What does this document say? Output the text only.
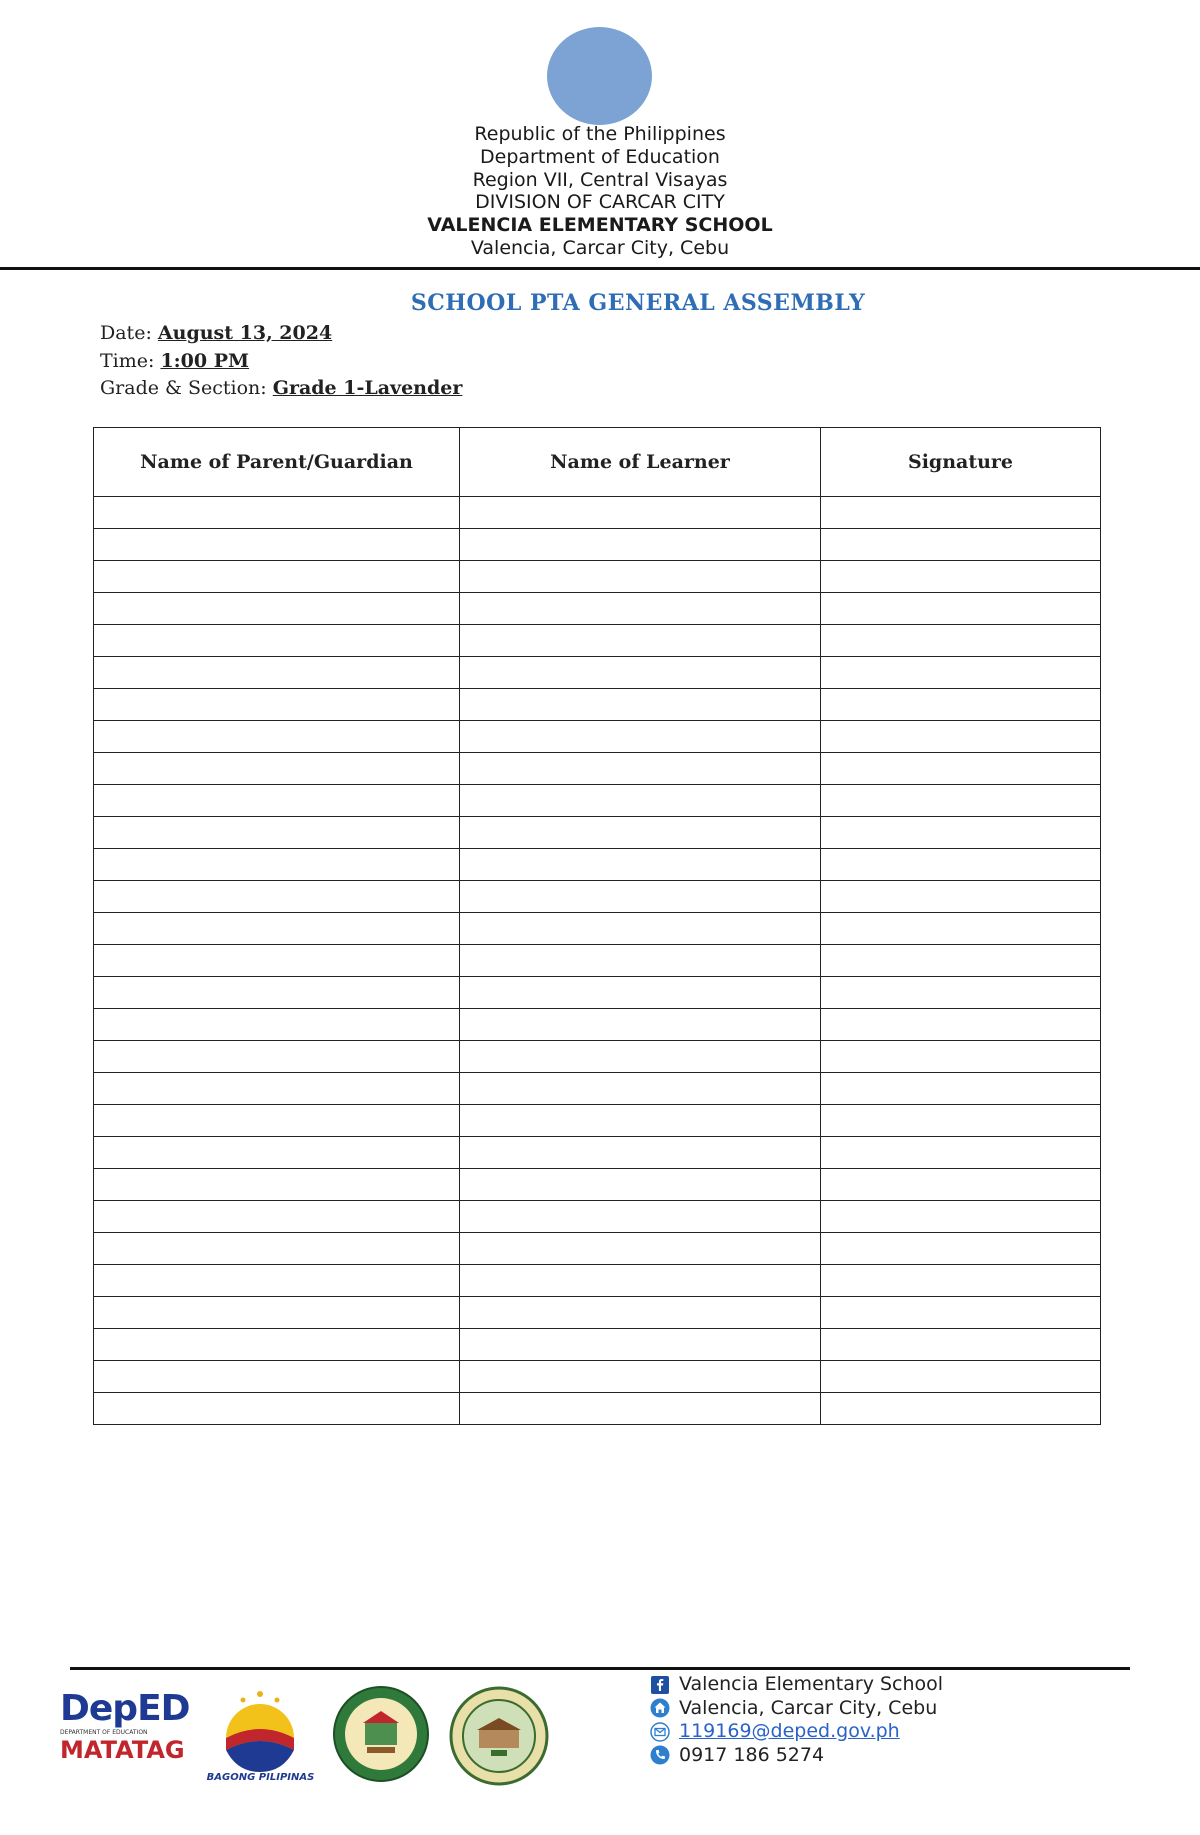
Republic of the Philippines
Department of Education
Region VII, Central Visayas
DIVISION OF CARCAR CITY
VALENCIA ELEMENTARY SCHOOL
Valencia, Carcar City, Cebu
SCHOOL PTA GENERAL ASSEMBLY
Date: August 13, 2024
Time: 1:00 PM
Grade & Section: Grade 1-Lavender
Name of Parent/Guardian	Name of Learner	Signature

DepED
DEPARTMENT OF EDUCATION
MATATAG
BAGONG PILIPINAS
Valencia Elementary School
Valencia, Carcar City, Cebu
119169@deped.gov.ph
0917 186 5274
